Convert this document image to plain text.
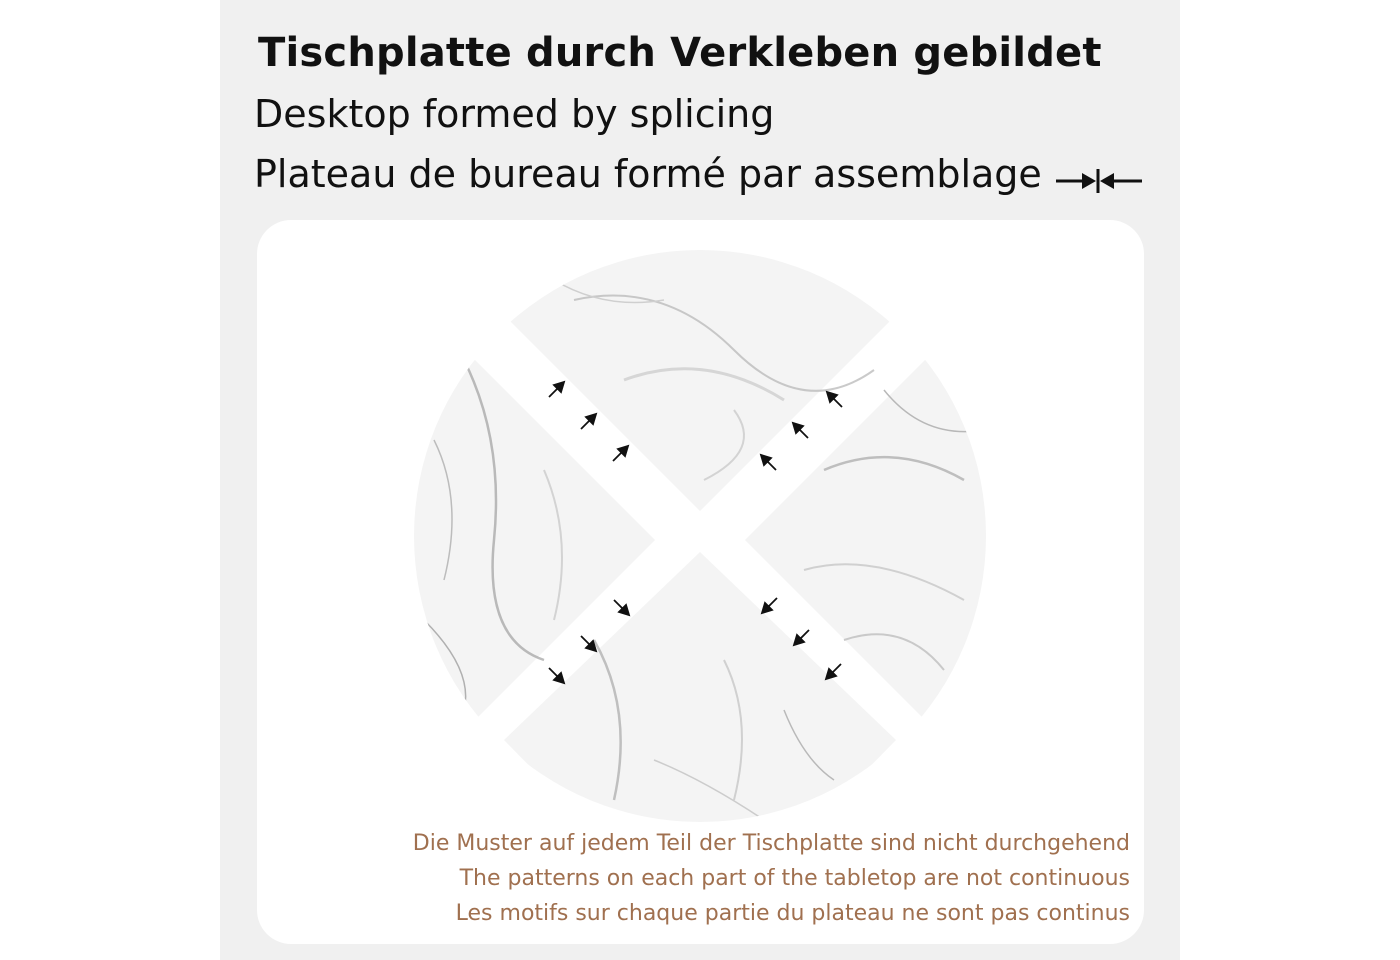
Tischplatte durch Verkleben gebildet
Desktop formed by splicing
Plateau de bureau formé par assemblage
Die Muster auf jedem Teil der Tischplatte sind nicht durchgehend
The patterns on each part of the tabletop are not continuous
Les motifs sur chaque partie du plateau ne sont pas continus
